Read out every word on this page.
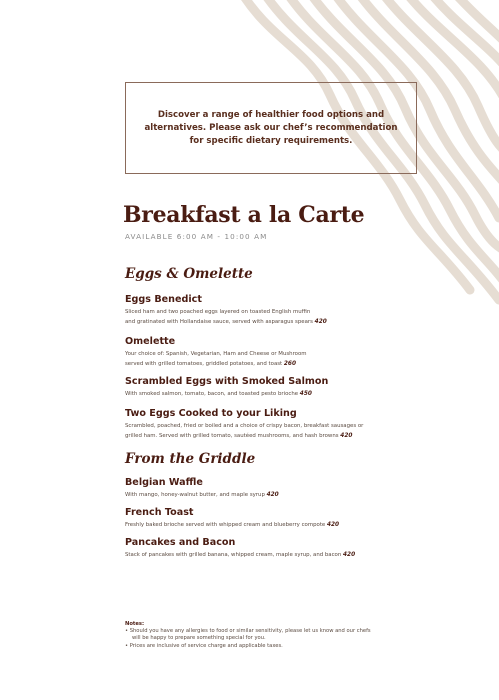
Discover a range of healthier food options and
alternatives. Please ask our chef’s recommendation
for specific dietary requirements.

Breakfast a la Carte
AVAILABLE 6:00 AM - 10:00 AM
Eggs & Omelette
Eggs Benedict
Sliced ham and two poached eggs layered on toasted English muffin
and gratinated with Hollandaise sauce, served with asparagus spears 420
Omelette
Your choice of: Spanish, Vegetarian, Ham and Cheese or Mushroom
served with grilled tomatoes, griddled potatoes, and toast 260
Scrambled Eggs with Smoked Salmon
With smoked salmon, tomato, bacon, and toasted pesto brioche 450
Two Eggs Cooked to your Liking
Scrambled, poached, fried or boiled and a choice of crispy bacon, breakfast sausages or
grilled ham. Served with grilled tomato, sautéed mushrooms, and hash browns 420
From the Griddle
Belgian Waffle
With mango, honey-walnut butter, and maple syrup 420
French Toast
Freshly baked brioche served with whipped cream and blueberry compote 420
Pancakes and Bacon
Stack of pancakes with grilled banana, whipped cream, maple syrup, and bacon 420
Notes:
• Should you have any allergies to food or similar sensitivity, please let us know and our chefs
will be happy to prepare something special for you.
• Prices are inclusive of service charge and applicable taxes.
